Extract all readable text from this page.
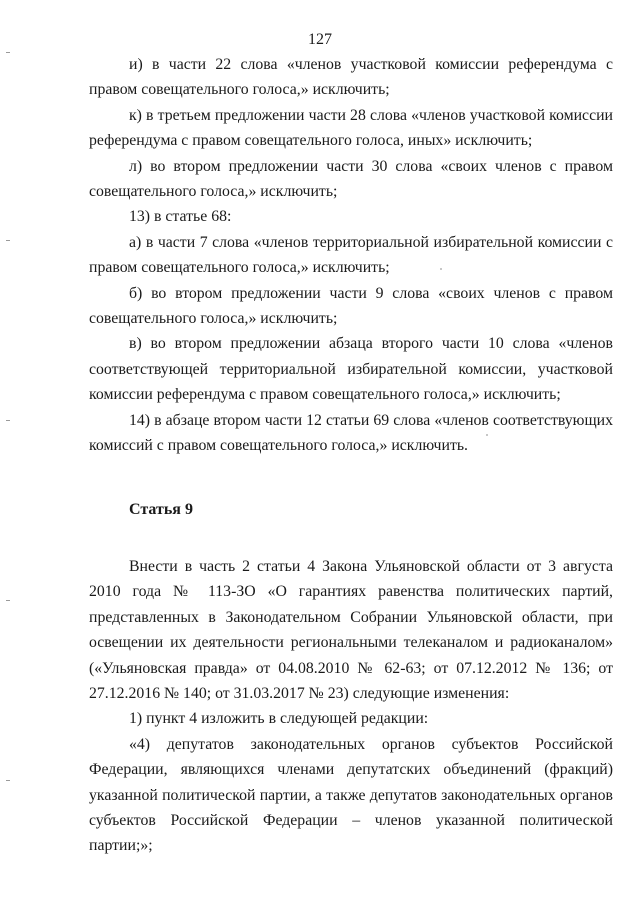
127

и) в части 22 слова «членов участковой комиссии референдума с правом совещательного голоса,» исключить;

к) в третьем предложении части 28 слова «членов участковой комиссии референдума с правом совещательного голоса, иных» исключить;

л) во втором предложении части 30 слова «своих членов с правом совещательного голоса,» исключить;

13) в статье 68:

а) в части 7 слова «членов территориальной избирательной комиссии с правом совещательного голоса,» исключить;

б) во втором предложении части 9 слова «своих членов с правом совещательного голоса,» исключить;

в) во втором предложении абзаца второго части 10 слова «членов соответствующей территориальной избирательной комиссии, участковой комиссии референдума с правом совещательного голоса,» исключить;

14) в абзаце втором части 12 статьи 69 слова «членов соответствующих комиссий с правом совещательного голоса,» исключить.

Статья 9

Внести в часть 2 статьи 4 Закона Ульяновской области от 3 августа 2010 года № 113-ЗО «О гарантиях равенства политических партий, представленных в Законодательном Собрании Ульяновской области, при освещении их деятельности региональными телеканалом и радиоканалом» («Ульяновская правда» от 04.08.2010 № 62-63; от 07.12.2012 № 136; от 27.12.2016 № 140; от 31.03.2017 № 23) следующие изменения:

1) пункт 4 изложить в следующей редакции:

«4) депутатов законодательных органов субъектов Российской Федерации, являющихся членами депутатских объединений (фракций) указанной политической партии, а также депутатов законодательных органов субъектов Российской Федерации – членов указанной политической партии;»;
